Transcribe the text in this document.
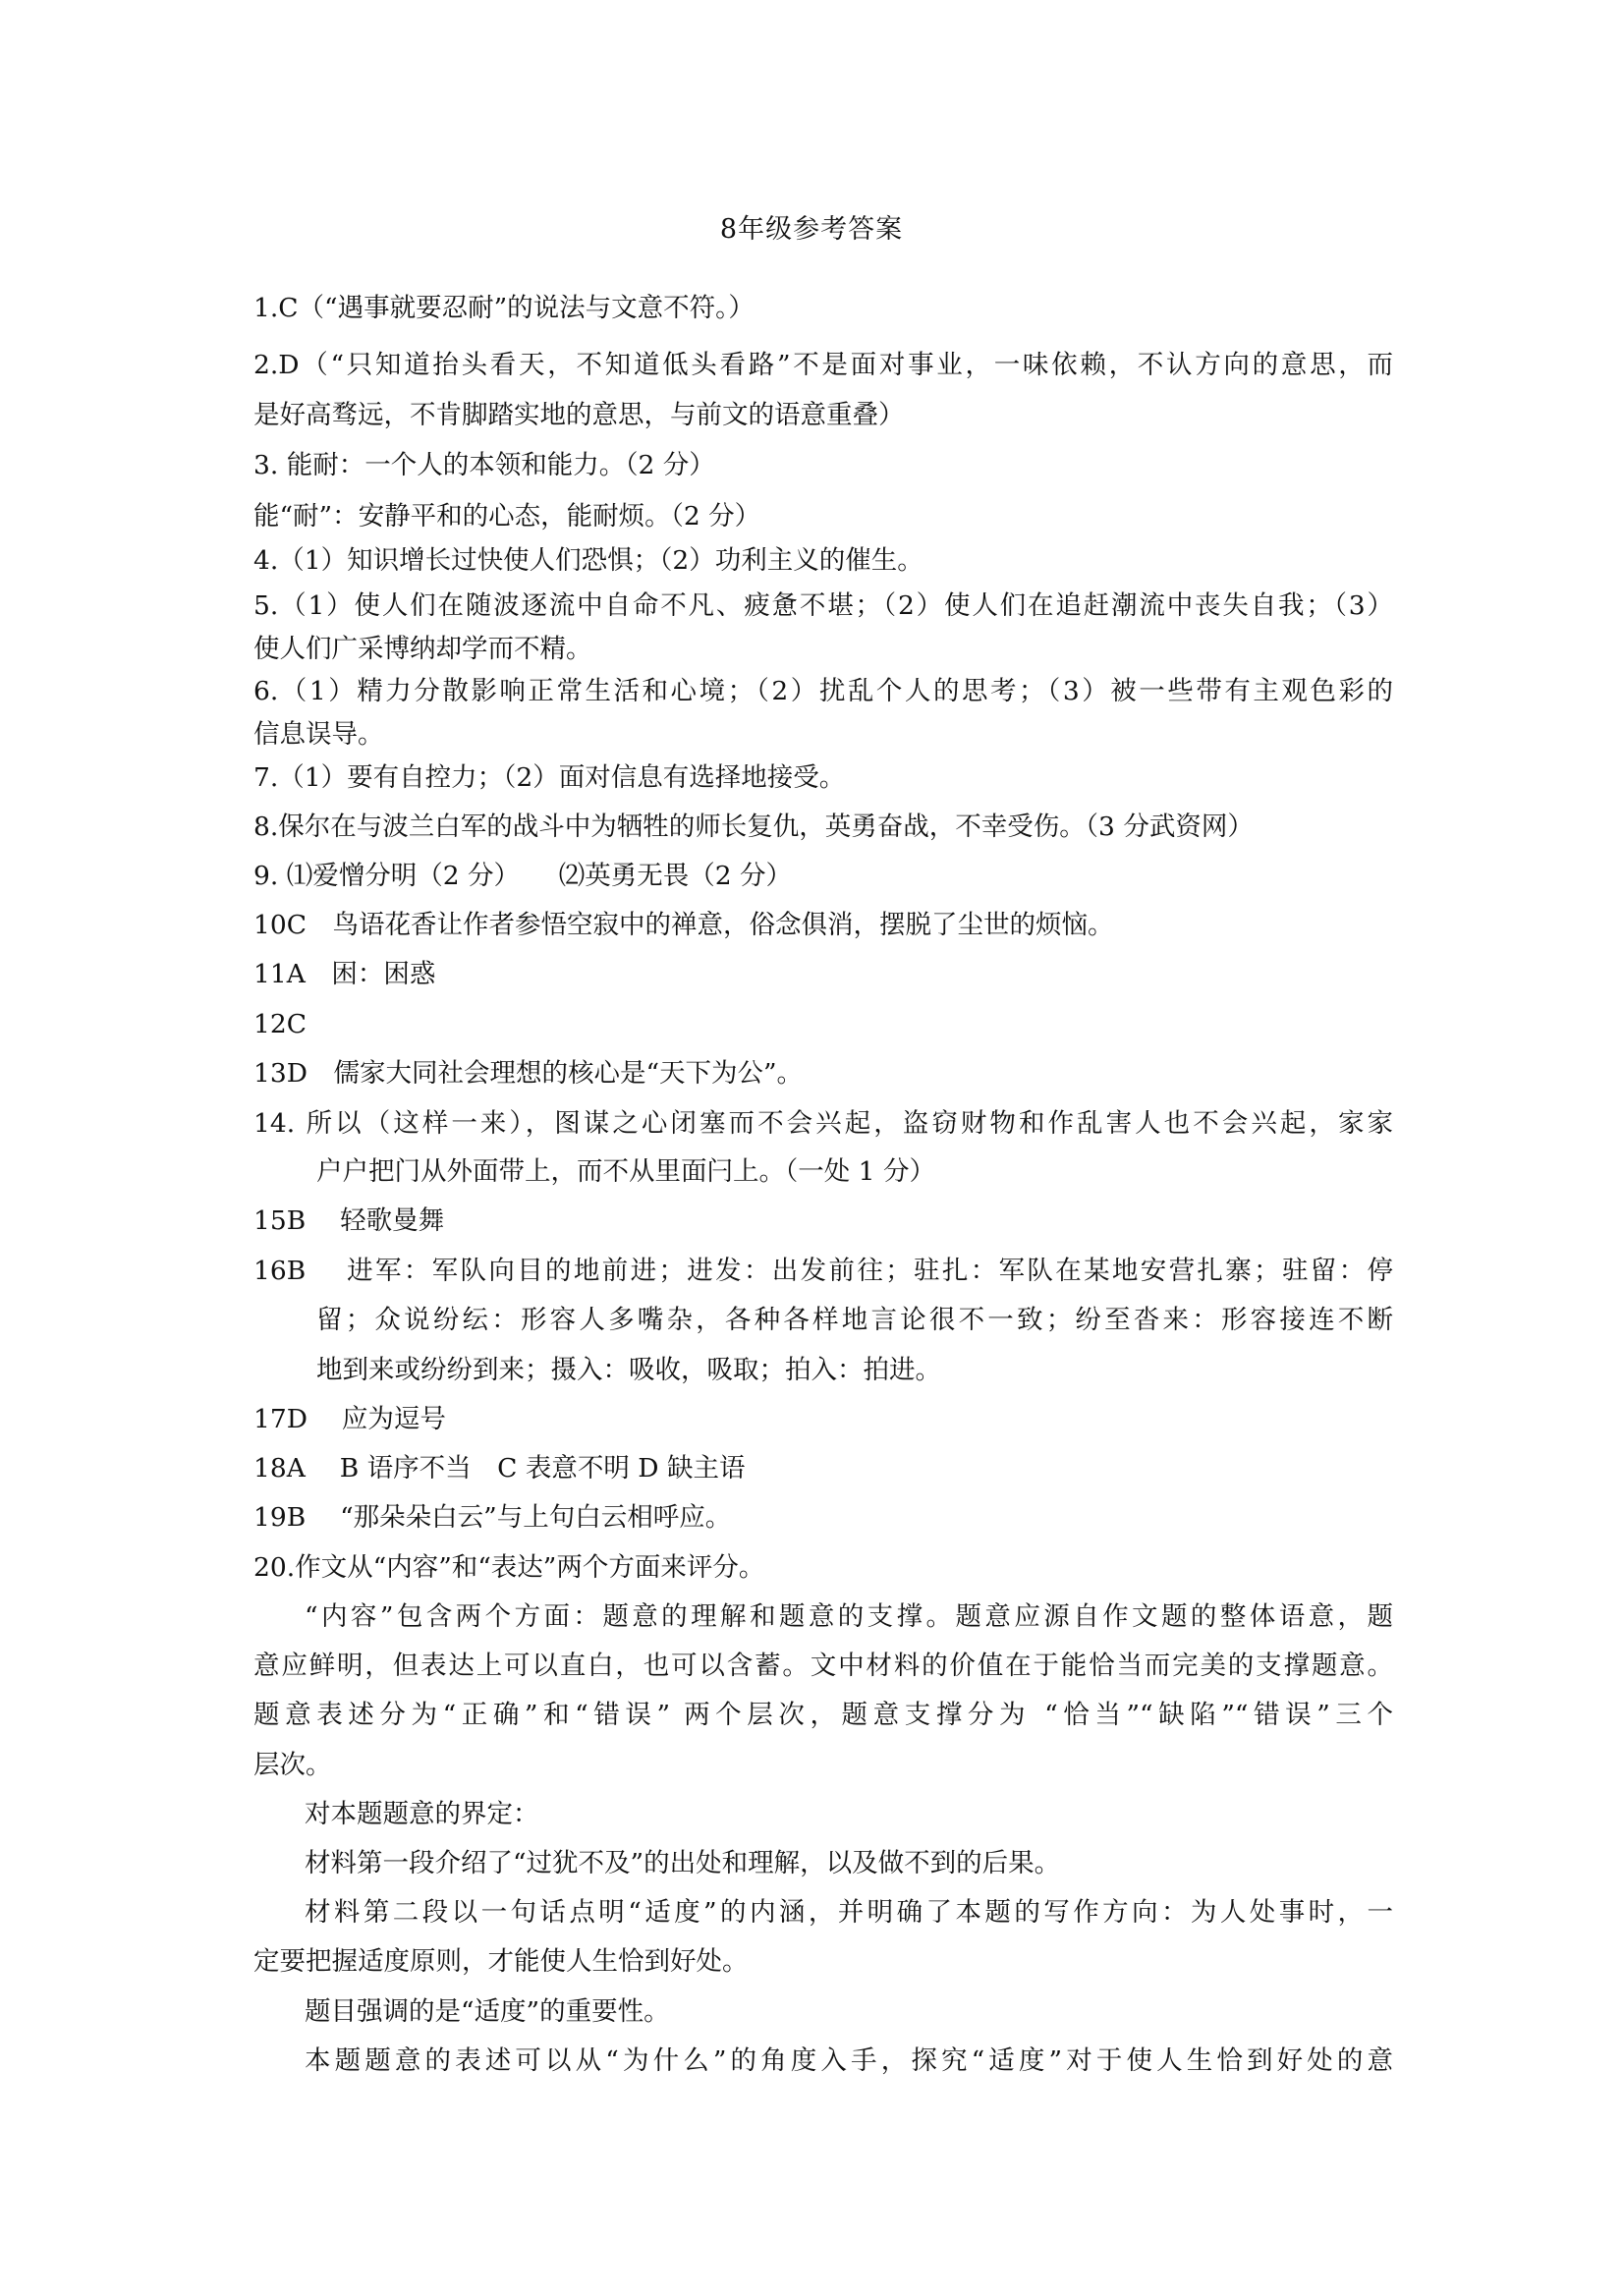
8年级参考答案
1.C（“遇事就要忍耐”的说法与文意不符。）
2.D（“只知道抬头看天，不知道低头看路”不是面对事业，一味依赖，不认方向的意思，而
是好高骛远，不肯脚踏实地的意思，与前文的语意重叠）
3. 能耐：一个人的本领和能力。（2 分）
能“耐”：安静平和的心态，能耐烦。（2 分）
4.（1）知识增长过快使人们恐惧；（2）功利主义的催生。
5.（1）使人们在随波逐流中自命不凡、疲惫不堪；（2）使人们在追赶潮流中丧失自我；（3）
使人们广采博纳却学而不精。
6.（1）精力分散影响正常生活和心境；（2）扰乱个人的思考；（3）被一些带有主观色彩的
信息误导。
7.（1）要有自控力；（2）面对信息有选择地接受。
8.保尔在与波兰白军的战斗中为牺牲的师长复仇，英勇奋战，不幸受伤。（3 分武资网）
9. ⑴爱憎分明（2 分）　　⑵英勇无畏（2 分）
10C　鸟语花香让作者参悟空寂中的禅意，俗念俱消，摆脱了尘世的烦恼。
11A　困：困惑
12C
13D　儒家大同社会理想的核心是“天下为公”。
14. 所以（这样一来），图谋之心闭塞而不会兴起，盗窃财物和作乱害人也不会兴起，家家
户户把门从外面带上，而不从里面闩上。（一处 1 分）
15B　 轻歌曼舞
16B　 进军：军队向目的地前进；进发：出发前往；驻扎：军队在某地安营扎寨；驻留：停
留；众说纷纭：形容人多嘴杂，各种各样地言论很不一致；纷至沓来：形容接连不断
地到来或纷纷到来；摄入：吸收，吸取；拍入：拍进。
17D　 应为逗号
18A　 B 语序不当　C 表意不明 D 缺主语
19B　 “那朵朵白云”与上句白云相呼应。
20.作文从“内容”和“表达”两个方面来评分。
“内容”包含两个方面：题意的理解和题意的支撑。题意应源自作文题的整体语意，题
意应鲜明，但表达上可以直白，也可以含蓄。文中材料的价值在于能恰当而完美的支撑题意。
题意表述分为“正确”和“错误” 两个层次，题意支撑分为 “恰当”“缺陷”“错误”三个
层次。
对本题题意的界定：
材料第一段介绍了“过犹不及”的出处和理解，以及做不到的后果。
材料第二段以一句话点明“适度”的内涵，并明确了本题的写作方向：为人处事时，一
定要把握适度原则，才能使人生恰到好处。
题目强调的是“适度”的重要性。
本题题意的表述可以从“为什么”的角度入手，探究“适度”对于使人生恰到好处的意
